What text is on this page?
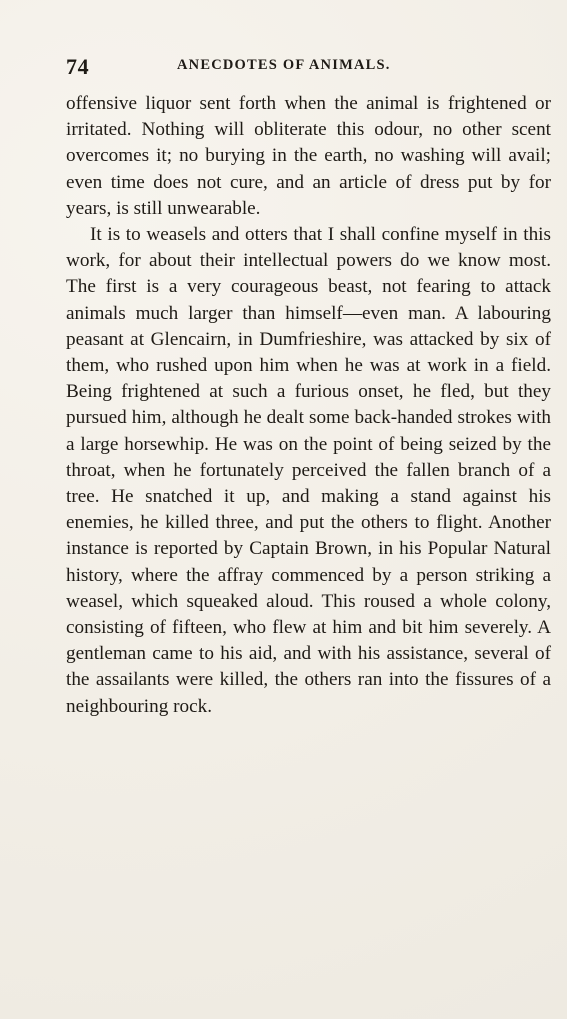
74	ANECDOTES OF ANIMALS.

offensive liquor sent forth when the animal is frightened or irritated. Nothing will obliterate this odour, no other scent overcomes it; no burying in the earth, no washing will avail; even time does not cure, and an article of dress put by for years, is still unwearable.

It is to weasels and otters that I shall confine myself in this work, for about their intellectual powers do we know most. The first is a very courageous beast, not fearing to attack animals much larger than himself—even man. A labouring peasant at Glencairn, in Dumfrieshire, was attacked by six of them, who rushed upon him when he was at work in a field. Being frightened at such a furious onset, he fled, but they pursued him, although he dealt some back-handed strokes with a large horsewhip. He was on the point of being seized by the throat, when he fortunately perceived the fallen branch of a tree. He snatched it up, and making a stand against his enemies, he killed three, and put the others to flight. Another instance is reported by Captain Brown, in his Popular Natural history, where the affray commenced by a person striking a weasel, which squeaked aloud. This roused a whole colony, consisting of fifteen, who flew at him and bit him severely. A gentleman came to his aid, and with his assistance, several of the assailants were killed, the others ran into the fissures of a neighbouring rock.
